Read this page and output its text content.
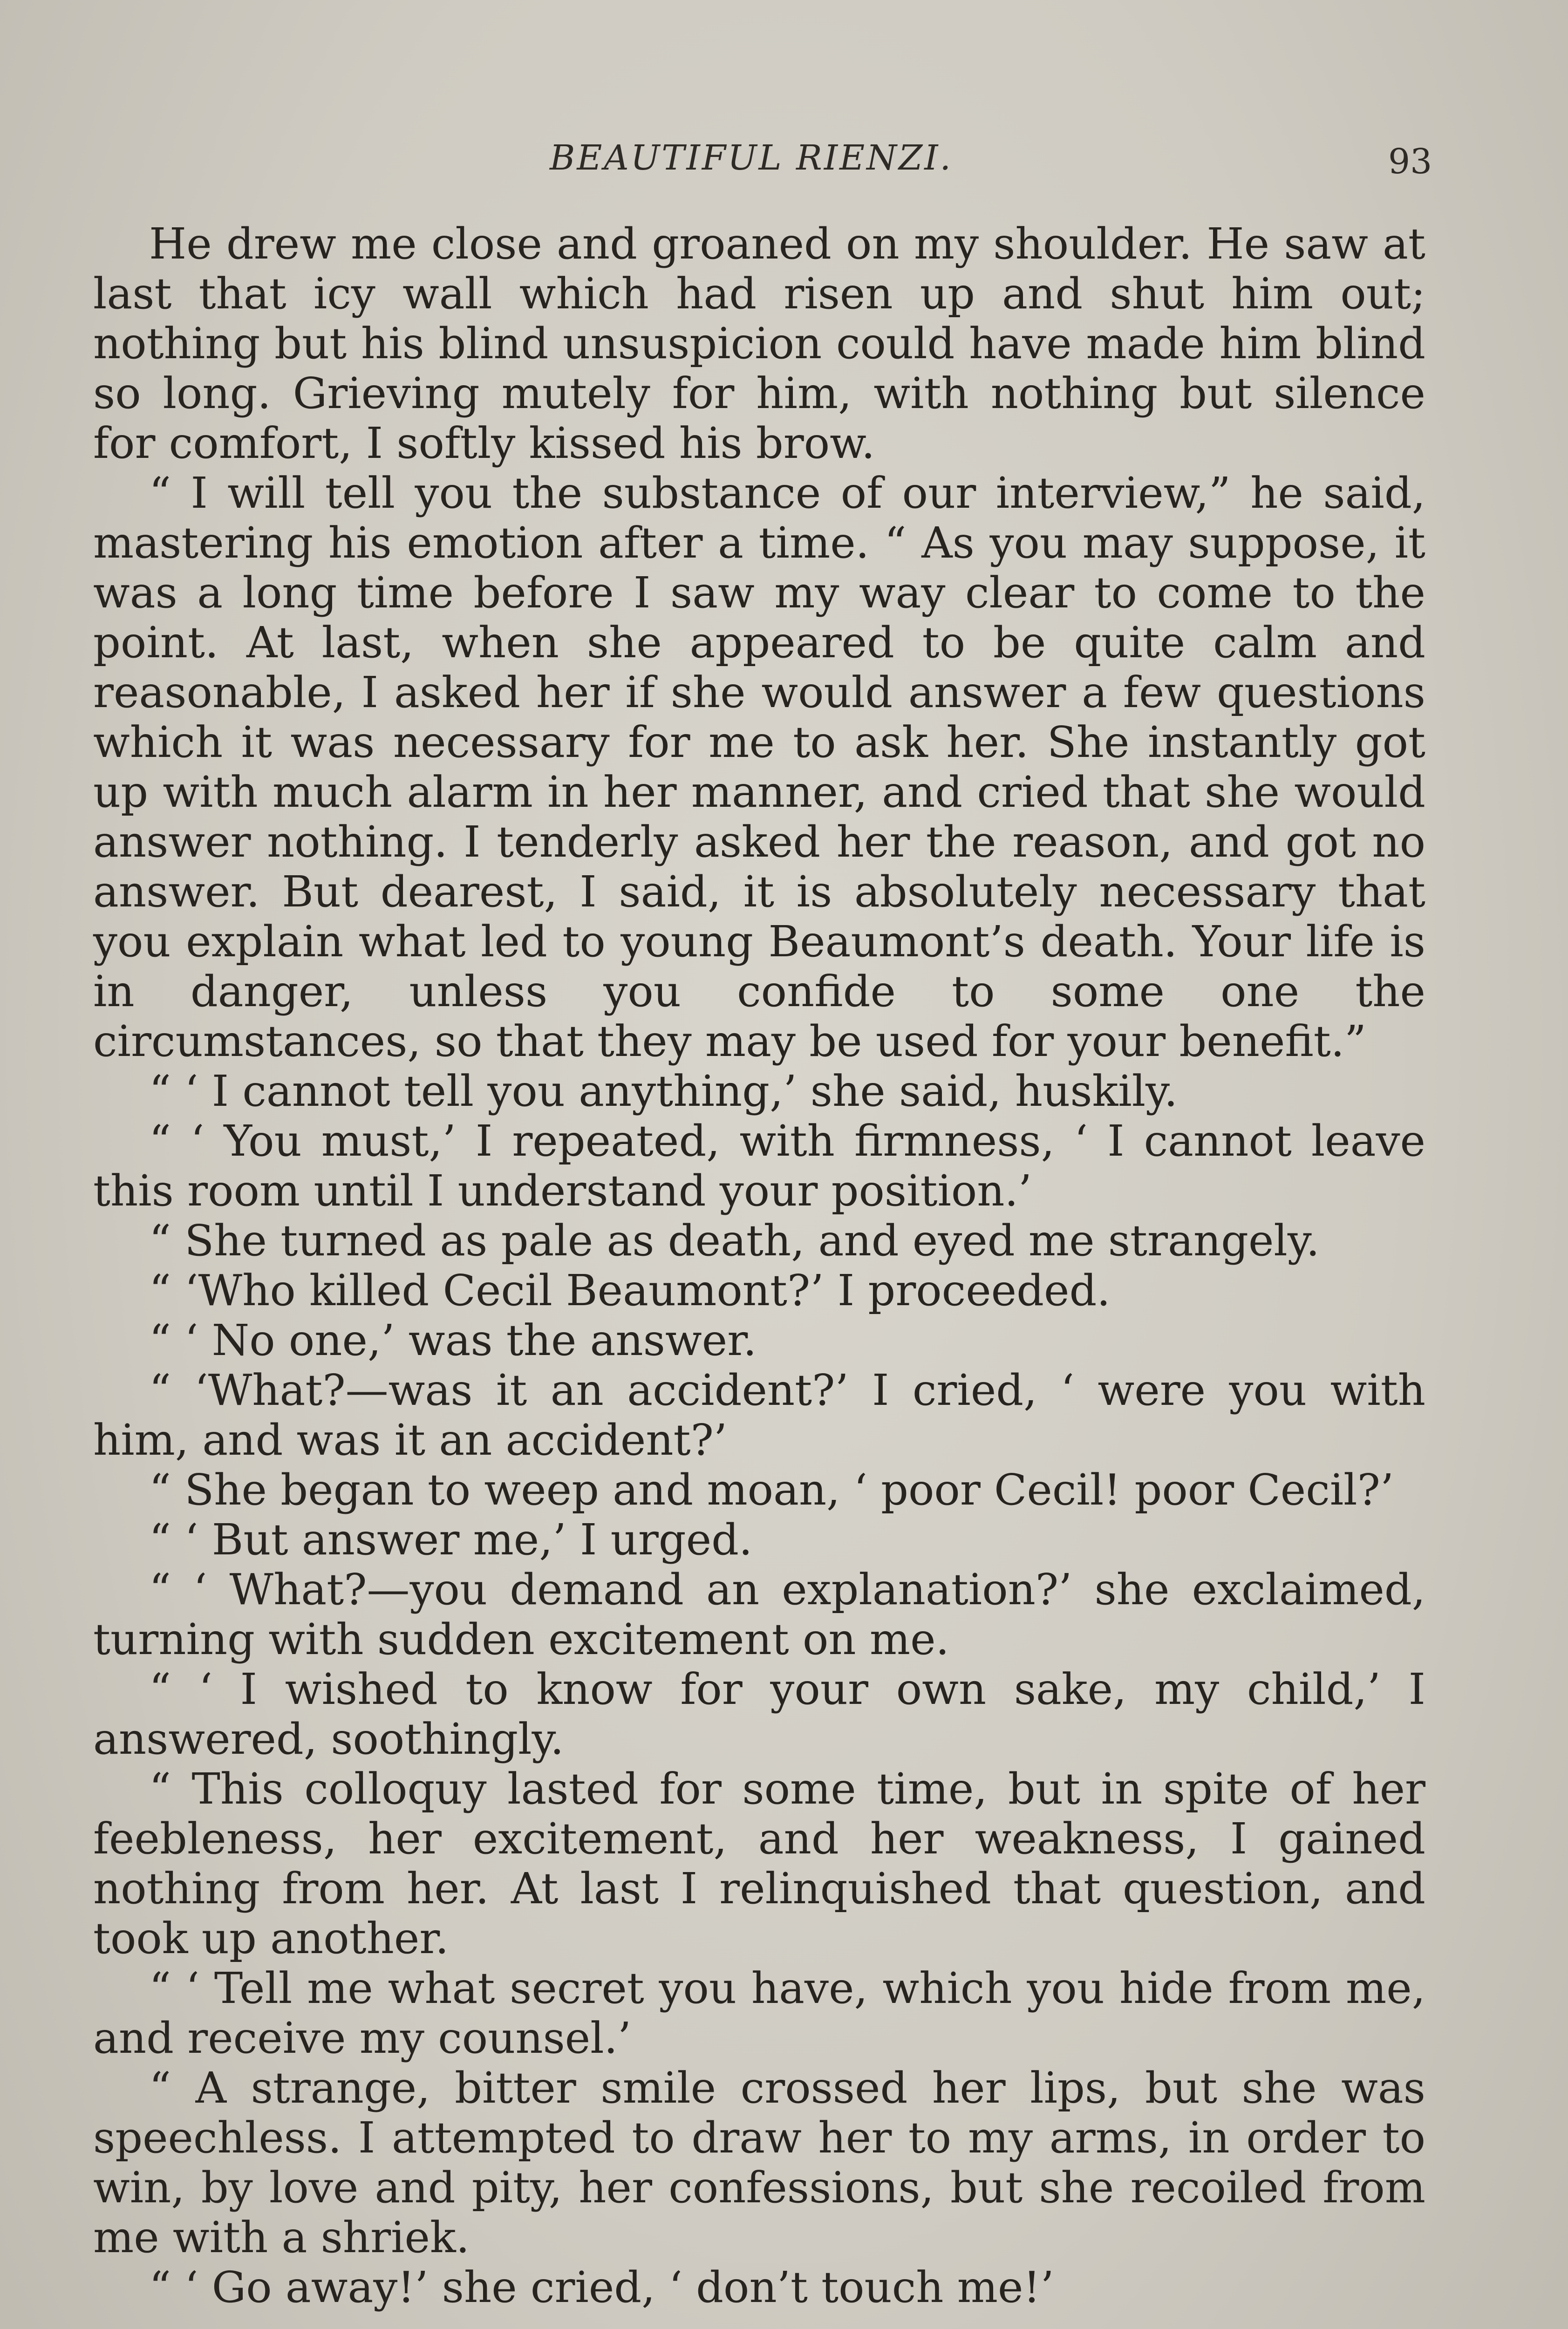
BEAUTIFUL RIENZI.	93

He drew me close and groaned on my shoulder. He saw at last that icy wall which had risen up and shut him out; nothing but his blind unsuspicion could have made him blind so long. Grieving mutely for him, with nothing but silence for comfort, I softly kissed his brow.

“ I will tell you the substance of our interview,” he said, mastering his emotion after a time. “ As you may suppose, it was a long time before I saw my way clear to come to the point. At last, when she appeared to be quite calm and reasonable, I asked her if she would answer a few questions which it was necessary for me to ask her. She instantly got up with much alarm in her manner, and cried that she would answer nothing. I tenderly asked her the reason, and got no answer. But dearest, I said, it is absolutely necessary that you explain what led to young Beaumont’s death. Your life is in danger, unless you confide to some one the circumstances, so that they may be used for your benefit.”

“ ‘ I cannot tell you anything,’ she said, huskily.

“ ‘ You must,’ I repeated, with firmness, ‘ I cannot leave this room until I understand your position.’

“ She turned as pale as death, and eyed me strangely.

“ ‘Who killed Cecil Beaumont?’ I proceeded.

“ ‘ No one,’ was the answer.

“ ‘What?—was it an accident?’ I cried, ‘ were you with him, and was it an accident?’

“ She began to weep and moan, ‘ poor Cecil! poor Cecil?’

“ ‘ But answer me,’ I urged.

“ ‘ What?—you demand an explanation?’ she exclaimed, turning with sudden excitement on me.

“ ‘ I wished to know for your own sake, my child,’ I answered, soothingly.

“ This colloquy lasted for some time, but in spite of her feebleness, her excitement, and her weakness, I gained nothing from her. At last I relinquished that question, and took up another.

“ ‘ Tell me what secret you have, which you hide from me, and receive my counsel.’

“ A strange, bitter smile crossed her lips, but she was speechless. I attempted to draw her to my arms, in order to win, by love and pity, her confessions, but she recoiled from me with a shriek.

“ ‘ Go away!’ she cried, ‘ don’t touch me!’
